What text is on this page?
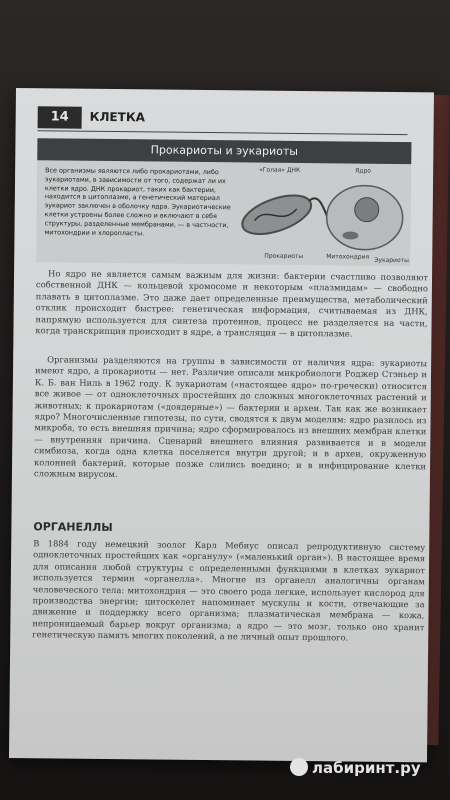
14	КЛЕТКА
Прокариоты и эукариоты
Все организмы являются либо прокариотами, либо эукариотами, в зависимости от того, содержат ли их клетки ядро. ДНК прокариот, таких как бактерии, находится в цитоплазме, а генетический материал эукариот заключен в оболочку ядра. Эукариотические клетки устроены более сложно и включают в себя структуры, разделенные мембранами, — в частности, митохондрии и хлоропласты.
«Голая» ДНК	Ядро
Прокариоты	Митохондрия Эукариоты
Но ядро не является самым важным для жизни: бактерии счастливо позволяют собственной ДНК — кольцевой хромосоме и некоторым «плазмидам» — свободно плавать в цитоплазме. Это даже дает определенные преимущества, метаболический отклик происходит быстрее: генетическая информация, считываемая из ДНК, напрямую используется для синтеза протеинов, процесс не разделяется на части, когда транскрипция происходит в ядре, а трансляция — в цитоплазме.
Организмы разделяются на группы в зависимости от наличия ядра: эукариоты имеют ядро, а прокариоты — нет. Различие описали микробиологи Роджер Стэньер и К. Б. ван Ниль в 1962 году. К эукариотам («настоящее ядро» по-гречески) относится все живое — от одноклеточных простейших до сложных многоклеточных растений и животных; к прокариотам («доядерные») — бактерии и археи. Так как же возникает ядро? Многочисленные гипотезы, по сути, сводятся к двум моделям: ядро разилось из микроба, то есть внешняя причина; ядро сформировалось из внешних мембран клетки — внутренняя причина. Сценарий внешнего влияния развивается и в модели симбиоза, когда одна клетка поселяется внутри другой; и в археи, окруженную колонией бактерий, которые позже слились воедино; и в инфицирование клетки сложным вирусом.
ОРГАНЕЛЛЫ
В 1884 году немецкий зоолог Карл Мебиус описал репродуктивную систему одноклеточных простейших как «органулу» («маленький орган»). В настоящее время для описания любой структуры с определенными функциями в клетках эукариот используется термин «органелла». Многие из органелл аналогичны органам человеческого тела: митохондрия — это своего рода легкие, использует кислород для производства энергии; цитоскелет напоминает мускулы и кости, отвечающие за движение и поддержку всего организма; плазматическая мембрана — кожа, непроницаемый барьер вокруг организма; а ядро — это мозг, только оно хранит генетическую память многих поколений, а не личный опыт прошлого.
лабиринт.ру
